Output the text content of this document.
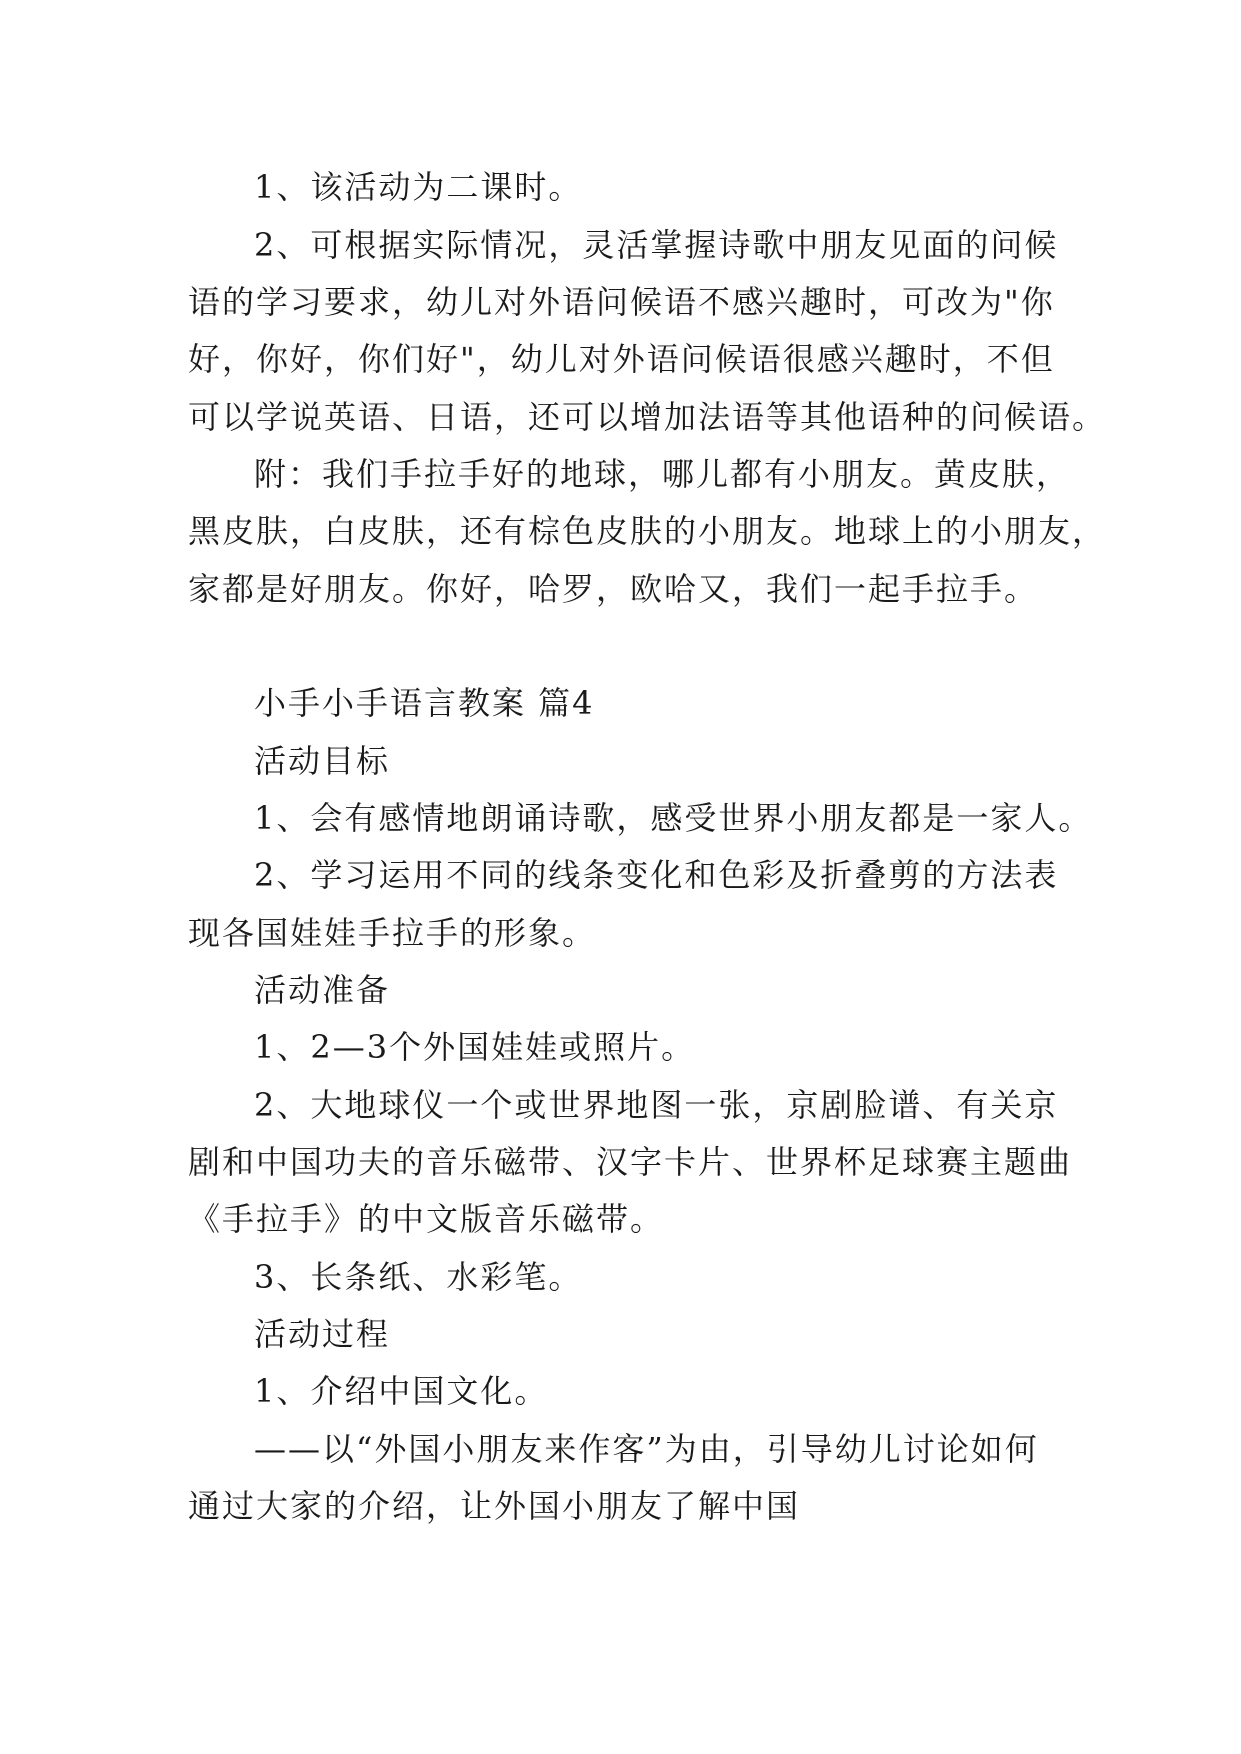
1、该活动为二课时。
2、可根据实际情况，灵活掌握诗歌中朋友见面的问候
语的学习要求，幼儿对外语问候语不感兴趣时，可改为"你
好，你好，你们好"，幼儿对外语问候语很感兴趣时，不但
可以学说英语、日语，还可以增加法语等其他语种的问候语。
附：我们手拉手好的地球，哪儿都有小朋友。黄皮肤，
黑皮肤，白皮肤，还有棕色皮肤的小朋友。地球上的小朋友，
家都是好朋友。你好，哈罗，欧哈又，我们一起手拉手。
小手小手语言教案 篇4
活动目标
1、会有感情地朗诵诗歌，感受世界小朋友都是一家人。
2、学习运用不同的线条变化和色彩及折叠剪的方法表
现各国娃娃手拉手的形象。
活动准备
1、2—3个外国娃娃或照片。
2、大地球仪一个或世界地图一张，京剧脸谱、有关京
剧和中国功夫的音乐磁带、汉字卡片、世界杯足球赛主题曲
《手拉手》的中文版音乐磁带。
3、长条纸、水彩笔。
活动过程
1、介绍中国文化。
——以“外国小朋友来作客”为由，引导幼儿讨论如何
通过大家的介绍，让外国小朋友了解中国
